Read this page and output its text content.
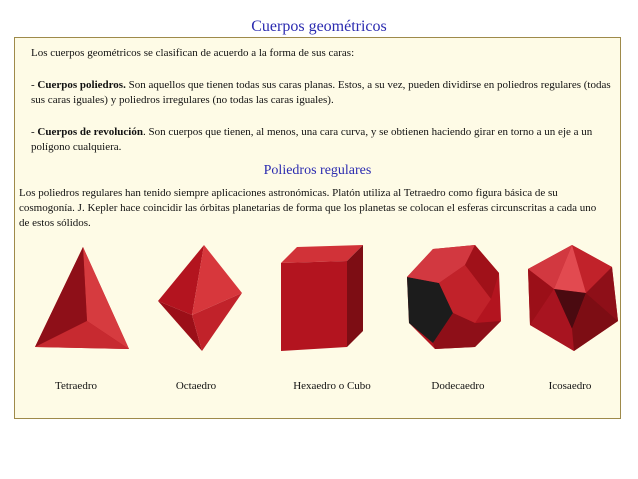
Cuerpos geométricos

Los cuerpos geométricos se clasifican de acuerdo a la forma de sus caras:

- Cuerpos poliedros. Son aquellos que tienen todas sus caras planas. Estos, a su vez, pueden dividirse en poliedros regulares (todas sus caras iguales) y poliedros irregulares (no todas las caras iguales).

- Cuerpos de revolución. Son cuerpos que tienen, al menos, una cara curva, y se obtienen haciendo girar en torno a un eje a un polígono cualquiera.

Poliedros regulares

Los poliedros regulares han tenido siempre aplicaciones astronómicas. Platón utiliza al Tetraedro como figura básica de su cosmogonía. J. Kepler hace coincidir las órbitas planetarias de forma que los planetas se colocan el esferas circunscritas a cada uno de estos sólidos.

Tetraedro	Octaedro	Hexaedro o Cubo	Dodecaedro	Icosaedro
